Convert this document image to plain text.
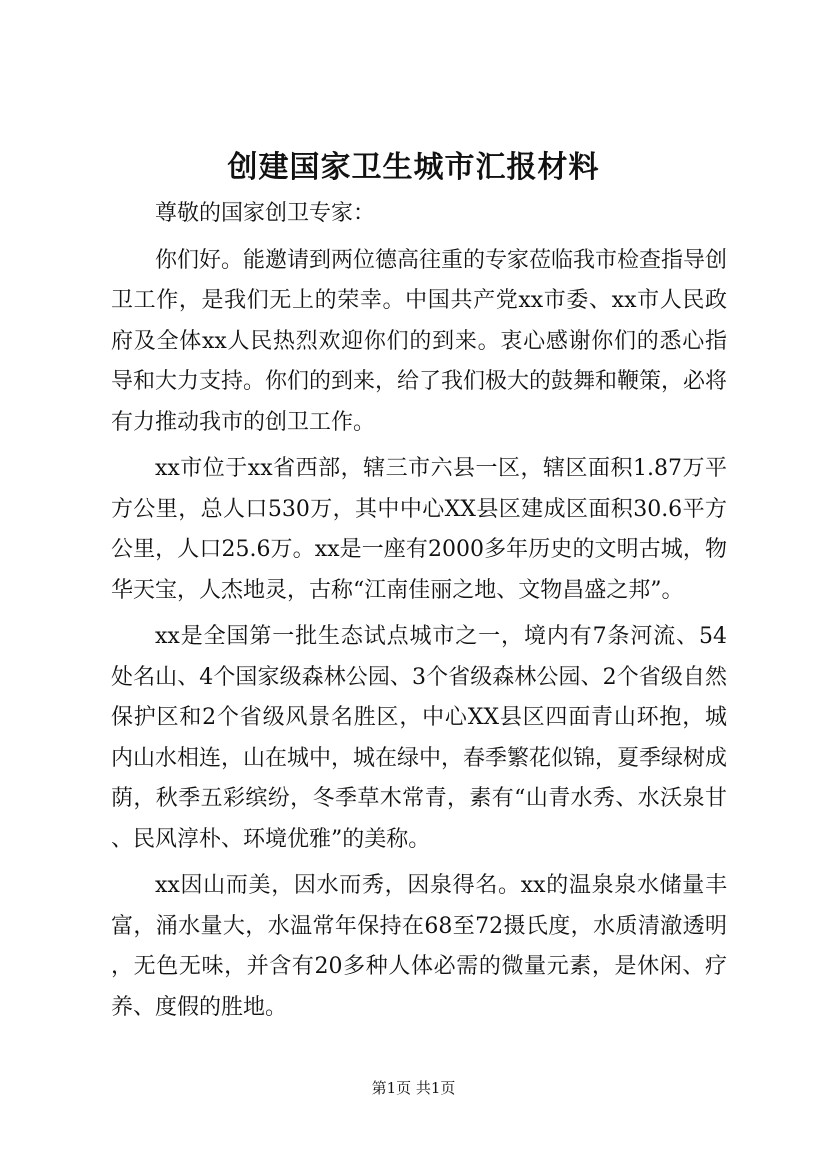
创建国家卫生城市汇报材料

尊敬的国家创卫专家：

你们好。能邀请到两位德高往重的专家莅临我市检查指导创卫工作，是我们无上的荣幸。中国共产党xx市委、xx市人民政府及全体xx人民热烈欢迎你们的到来。衷心感谢你们的悉心指导和大力支持。你们的到来，给了我们极大的鼓舞和鞭策，必将有力推动我市的创卫工作。

xx市位于xx省西部，辖三市六县一区，辖区面积1.87万平方公里，总人口530万，其中中心XX县区建成区面积30.6平方公里，人口25.6万。xx是一座有2000多年历史的文明古城，物华天宝，人杰地灵，古称“江南佳丽之地、文物昌盛之邦”。

xx是全国第一批生态试点城市之一，境内有7条河流、54处名山、4个国家级森林公园、3个省级森林公园、2个省级自然保护区和2个省级风景名胜区，中心XX县区四面青山环抱，城内山水相连，山在城中，城在绿中，春季繁花似锦，夏季绿树成荫，秋季五彩缤纷，冬季草木常青，素有“山青水秀、水沃泉甘、民风淳朴、环境优雅”的美称。

xx因山而美，因水而秀，因泉得名。xx的温泉泉水储量丰富，涌水量大，水温常年保持在68至72摄氏度，水质清澈透明，无色无味，并含有20多种人体必需的微量元素，是休闲、疗养、度假的胜地。

第1页 共1页
